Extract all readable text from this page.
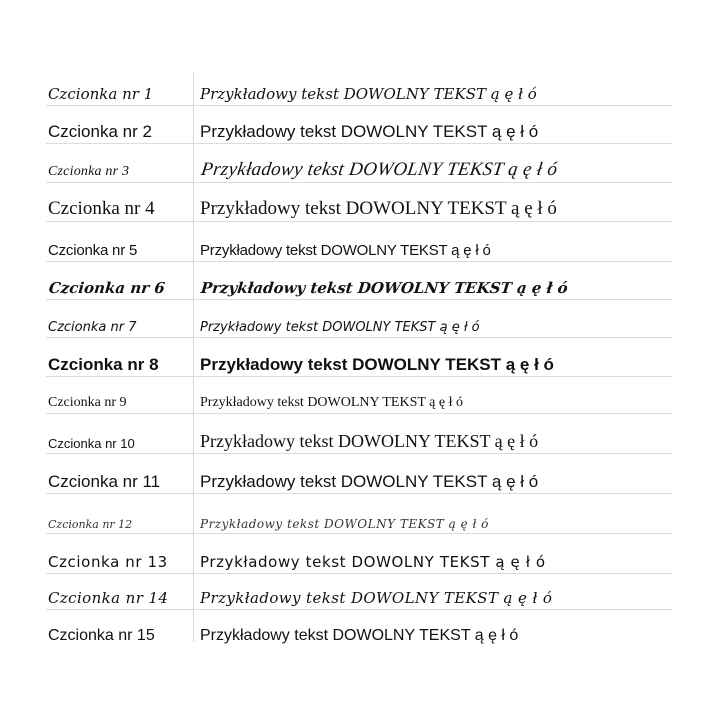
Czcionka nr 1	Przykładowy tekst DOWOLNY TEKST ą ę ł ó
Czcionka nr 2	Przykładowy tekst DOWOLNY TEKST ą ę ł ó
Czcionka nr 3	Przykładowy tekst DOWOLNY TEKST ą ę ł ó
Czcionka nr 4 Przykładowy tekst DOWOLNY TEKST ą ę ł ó
Czcionka nr 5	Przykładowy tekst DOWOLNY TEKST ą ę ł ó
Czcionka nr 6 Przykładowy tekst DOWOLNY TEKST ą ę ł ó
Czcionka nr 7	Przykładowy tekst DOWOLNY TEKST ą ę ł ó
Czcionka nr 8 Przykładowy tekst DOWOLNY TEKST ą ę ł ó
Czcionka nr 9	Przykładowy tekst DOWOLNY TEKST ą ę ł ó
Czcionka nr 10	Przykładowy tekst DOWOLNY TEKST ą ę ł ó
Czcionka nr 11 Przykładowy tekst DOWOLNY TEKST ą ę ł ó
Czcionka nr 12	Przykładowy tekst DOWOLNY TEKST ą ę ł ó
Czcionka nr 13 Przykładowy tekst DOWOLNY TEKST ą ę ł ó
Czcionka nr 14 Przykładowy tekst DOWOLNY TEKST ą ę ł ó
Czcionka nr 15	Przykładowy tekst DOWOLNY TEKST ą ę ł ó
